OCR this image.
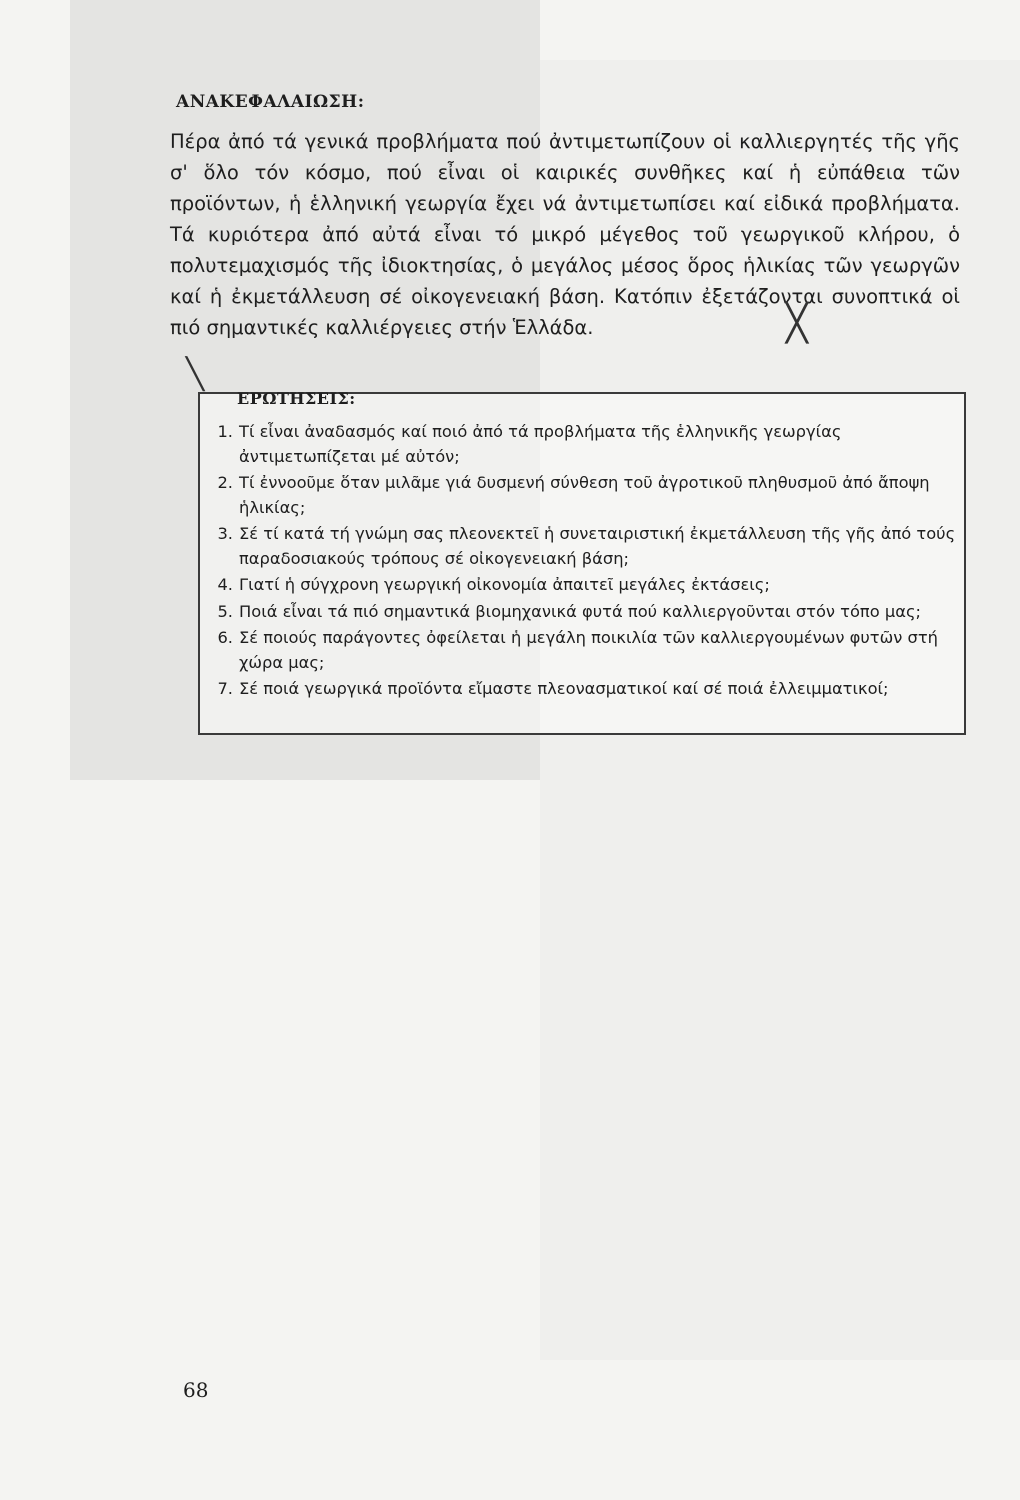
ΑΝΑΚΕΦΑΛΑΙΩΣΗ:

Πέρα ἀπό τά γενικά προβλήματα πού ἀντιμετωπίζουν οἱ καλλιεργητές τῆς γῆς σ' ὅλο τόν κόσμο, πού εἶναι οἱ καιρικές συνθῆκες καί ἡ εὐπάθεια τῶν προϊόντων, ἡ ἑλληνική γεωργία ἔχει νά ἀντιμετωπίσει καί εἰδικά προβλήματα. Τά κυριότερα ἀπό αὐτά εἶναι τό μικρό μέγεθος τοῦ γεωργικοῦ κλήρου, ὁ πολυτεμαχισμός τῆς ἰδιοκτησίας, ὁ μεγάλος μέσος ὅρος ἡλικίας τῶν γεωργῶν καί ἡ ἐκμετάλλευση σέ οἰκογενειακή βάση. Κατόπιν ἐξετάζονται συνοπτικά οἱ πιό σημαντικές καλλιέργειες στήν Ἑλλάδα.	╳
╲
ΕΡΩΤΗΣΕΙΣ:
1. Τί εἶναι ἀναδασμός καί ποιό ἀπό τά προβλήματα τῆς ἑλληνικῆς γεωργίας ἀντιμετωπίζεται μέ αὐτόν;
2. Τί ἐννοοῦμε ὅταν μιλᾶμε γιά δυσμενή σύνθεση τοῦ ἀγροτικοῦ πληθυσμοῦ ἀπό ἄποψη ἡλικίας;
3. Σέ τί κατά τή γνώμη σας πλεονεκτεῖ ἡ συνεταιριστική ἐκμετάλλευση τῆς γῆς ἀπό τούς παραδοσιακούς τρόπους σέ οἰκογενειακή βάση;
4. Γιατί ἡ σύγχρονη γεωργική οἰκονομία ἀπαιτεῖ μεγάλες ἐκτάσεις;
5. Ποιά εἶναι τά πιό σημαντικά βιομηχανικά φυτά πού καλλιεργοῦνται στόν τόπο μας;
6. Σέ ποιούς παράγοντες ὀφείλεται ἡ μεγάλη ποικιλία τῶν καλλιεργουμένων φυτῶν στή χώρα μας;
7. Σέ ποιά γεωργικά προϊόντα εἴμαστε πλεονασματικοί καί σέ ποιά ἐλλειμματικοί;
68
